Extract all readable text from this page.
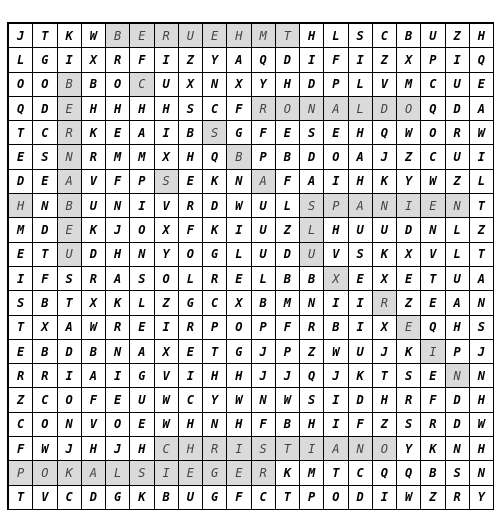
J	T	K	W	B	E	R	U	E	H	M	T	H	L	S	C	B	U	Z	H
L	G	I	X	R	F	I	Z	Y	A	Q	D	I	F	I	Z	X	P	I	Q
O	O	B	B	O	C	U	X	N	X	Y	H	D	P	L	V	M	C	U	E
Q	D	E	H	H	H	H	S	C	F	R	O	N	A	L	D	O	Q	D	A
T	C	R	K	E	A	I	B	S	G	F	E	S	E	H	Q	W	O	R	W
E	S	N	R	M	M	X	H	Q	B	P	B	D	O	A	J	Z	C	U	I
D	E	A	V	F	P	S	E	K	N	A	F	A	I	H	K	Y	W	Z	L
H	N	B	U	N	I	V	R	D	W	U	L	S	P	A	N	I	E	N	T
M	D	E	K	J	O	X	F	K	I	U	Z	L	H	U	U	D	N	L	Z
E	T	U	D	H	N	Y	O	G	L	U	D	U	V	S	K	X	V	L	T
I	F	S	R	A	S	O	L	R	E	L	B	B	X	E	X	E	T	U	A
S	B	T	X	K	L	Z	G	C	X	B	M	N	I	I	R	Z	E	A	N
T	X	A	W	R	E	I	R	P	O	P	F	R	B	I	X	E	Q	H	S
E	B	D	B	N	A	X	E	T	G	J	P	Z	W	U	J	K	I	P	J
R	R	I	A	I	G	V	I	H	H	J	J	Q	J	K	T	S	E	N	N
Z	C	O	F	E	U	W	C	Y	W	N	W	S	I	D	H	R	F	D	H
C	O	N	V	O	E	W	H	N	H	F	B	H	I	F	Z	S	R	D	W
F	W	J	H	J	H	C	H	R	I	S	T	I	A	N	O	Y	K	N	H
P	O	K	A	L	S	I	E	G	E	R	K	M	T	C	Q	Q	B	S	N
T	V	C	D	G	K	B	U	G	F	C	T	P	O	D	I	W	Z	R	Y
